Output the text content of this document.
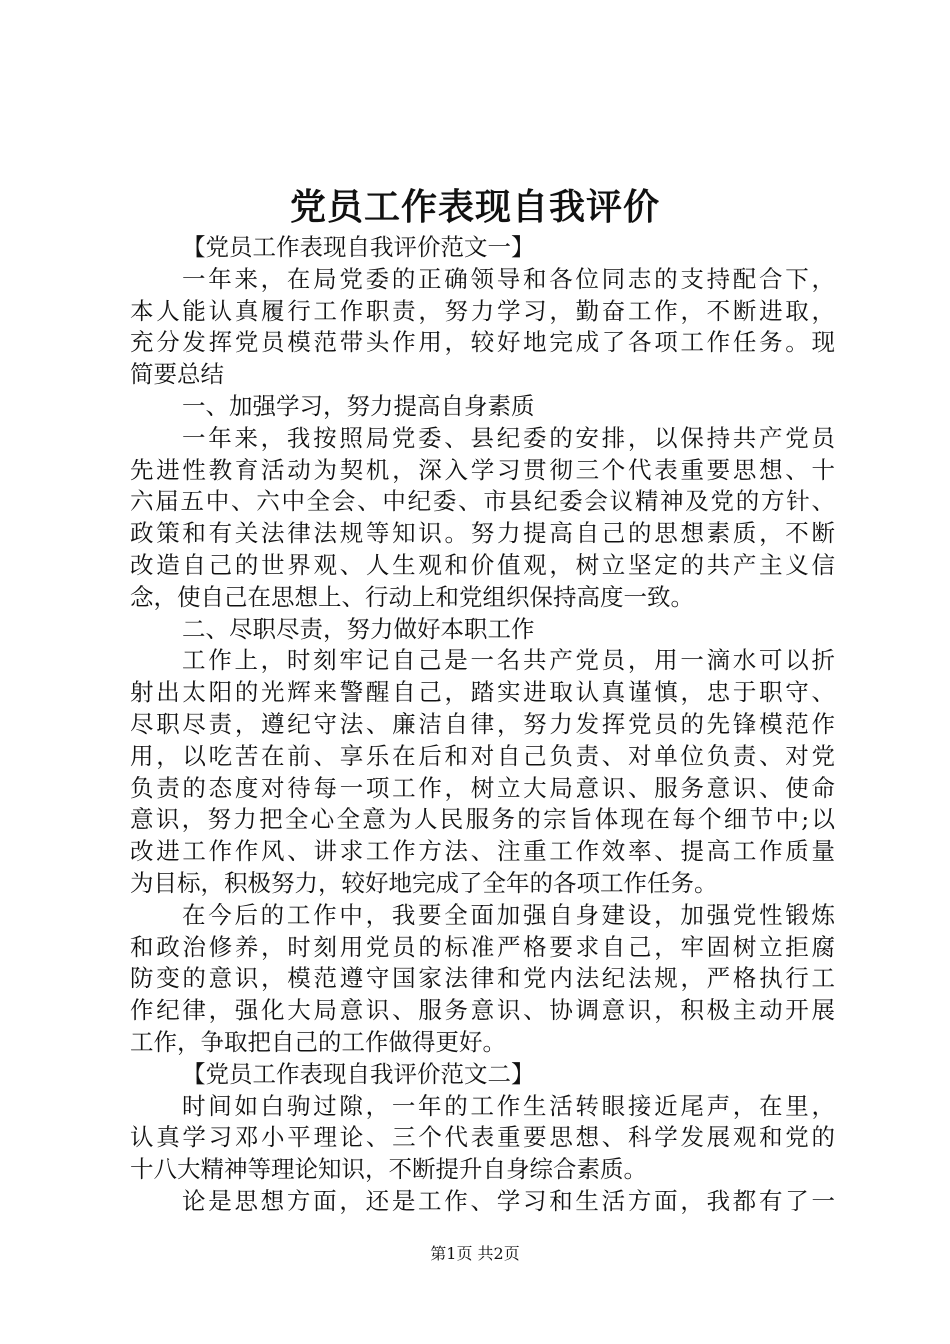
党员工作表现自我评价
【党员工作表现自我评价范文一】
一年来，在局党委的正确领导和各位同志的支持配合下，
本人能认真履行工作职责，努力学习，勤奋工作，不断进取，
充分发挥党员模范带头作用，较好地完成了各项工作任务。现
简要总结
一、加强学习，努力提高自身素质
一年来，我按照局党委、县纪委的安排，以保持共产党员
先进性教育活动为契机，深入学习贯彻三个代表重要思想、十
六届五中、六中全会、中纪委、市县纪委会议精神及党的方针、
政策和有关法律法规等知识。努力提高自己的思想素质，不断
改造自己的世界观、人生观和价值观，树立坚定的共产主义信
念，使自己在思想上、行动上和党组织保持高度一致。
二、尽职尽责，努力做好本职工作
工作上，时刻牢记自己是一名共产党员，用一滴水可以折
射出太阳的光辉来警醒自己，踏实进取认真谨慎，忠于职守、
尽职尽责，遵纪守法、廉洁自律，努力发挥党员的先锋模范作
用，以吃苦在前、享乐在后和对自己负责、对单位负责、对党
负责的态度对待每一项工作，树立大局意识、服务意识、使命
意识，努力把全心全意为人民服务的宗旨体现在每个细节中;以
改进工作作风、讲求工作方法、注重工作效率、提高工作质量
为目标，积极努力，较好地完成了全年的各项工作任务。
在今后的工作中，我要全面加强自身建设，加强党性锻炼
和政治修养，时刻用党员的标准严格要求自己，牢固树立拒腐
防变的意识，模范遵守国家法律和党内法纪法规，严格执行工
作纪律，强化大局意识、服务意识、协调意识，积极主动开展
工作，争取把自己的工作做得更好。
【党员工作表现自我评价范文二】
时间如白驹过隙，一年的工作生活转眼接近尾声，在里，
认真学习邓小平理论、三个代表重要思想、科学发展观和党的
十八大精神等理论知识，不断提升自身综合素质。
论是思想方面，还是工作、学习和生活方面，我都有了一
第1页 共2页
